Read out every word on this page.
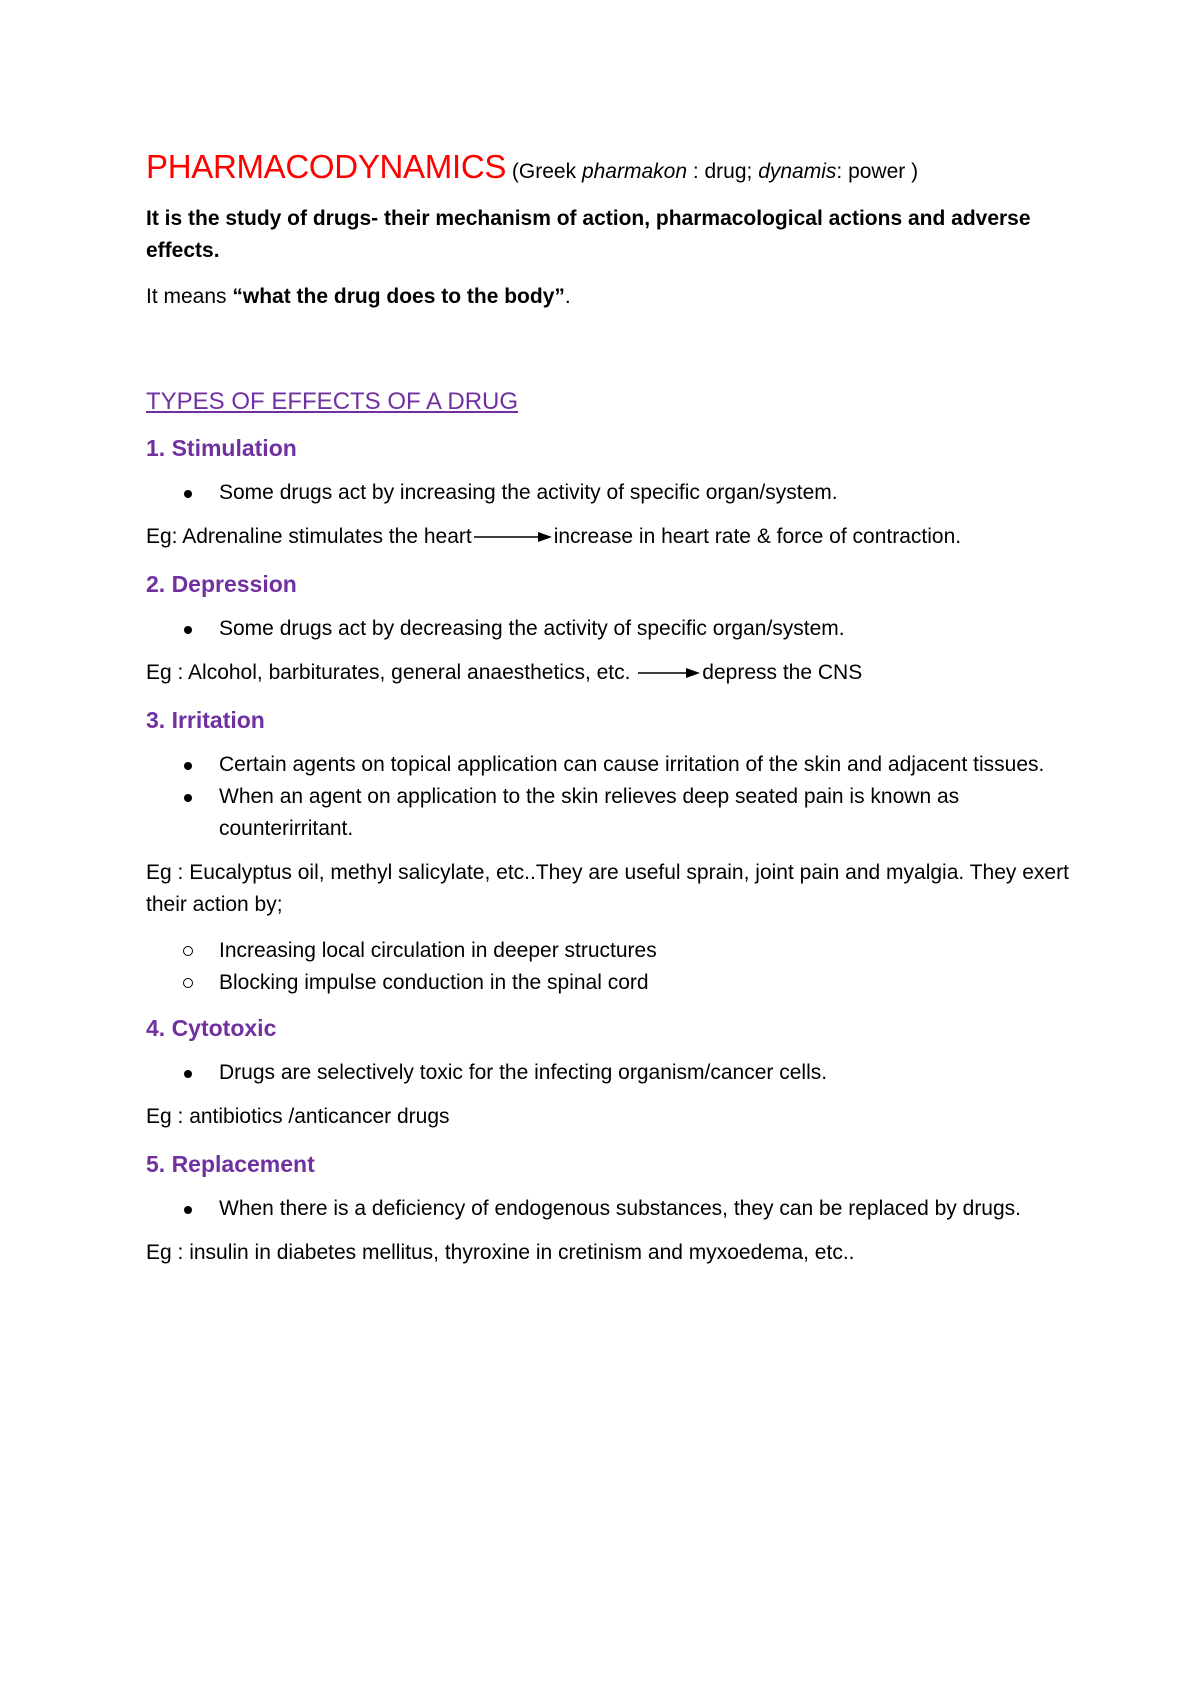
PHARMACODYNAMICS (Greek pharmakon : drug; dynamis: power )

It is the study of drugs- their mechanism of action, pharmacological actions and adverse effects.

It means “what the drug does to the body”.

TYPES OF EFFECTS OF A DRUG

1. Stimulation

Some drugs act by increasing the activity of specific organ/system.

Eg: Adrenaline stimulates the heart	increase in heart rate & force of contraction.

2. Depression

Some drugs act by decreasing the activity of specific organ/system.

Eg : Alcohol, barbiturates, general anaesthetics, etc.	depress the CNS

3. Irritation

Certain agents on topical application can cause irritation of the skin and adjacent tissues.
When an agent on application to the skin relieves deep seated pain is known as counterirritant.

Eg : Eucalyptus oil, methyl salicylate, etc..They are useful sprain, joint pain and myalgia. They exert their action by;

Increasing local circulation in deeper structures
Blocking impulse conduction in the spinal cord

4. Cytotoxic

Drugs are selectively toxic for the infecting organism/cancer cells.

Eg : antibiotics /anticancer drugs

5. Replacement

When there is a deficiency of endogenous substances, they can be replaced by drugs.

Eg : insulin in diabetes mellitus, thyroxine in cretinism and myxoedema, etc..
